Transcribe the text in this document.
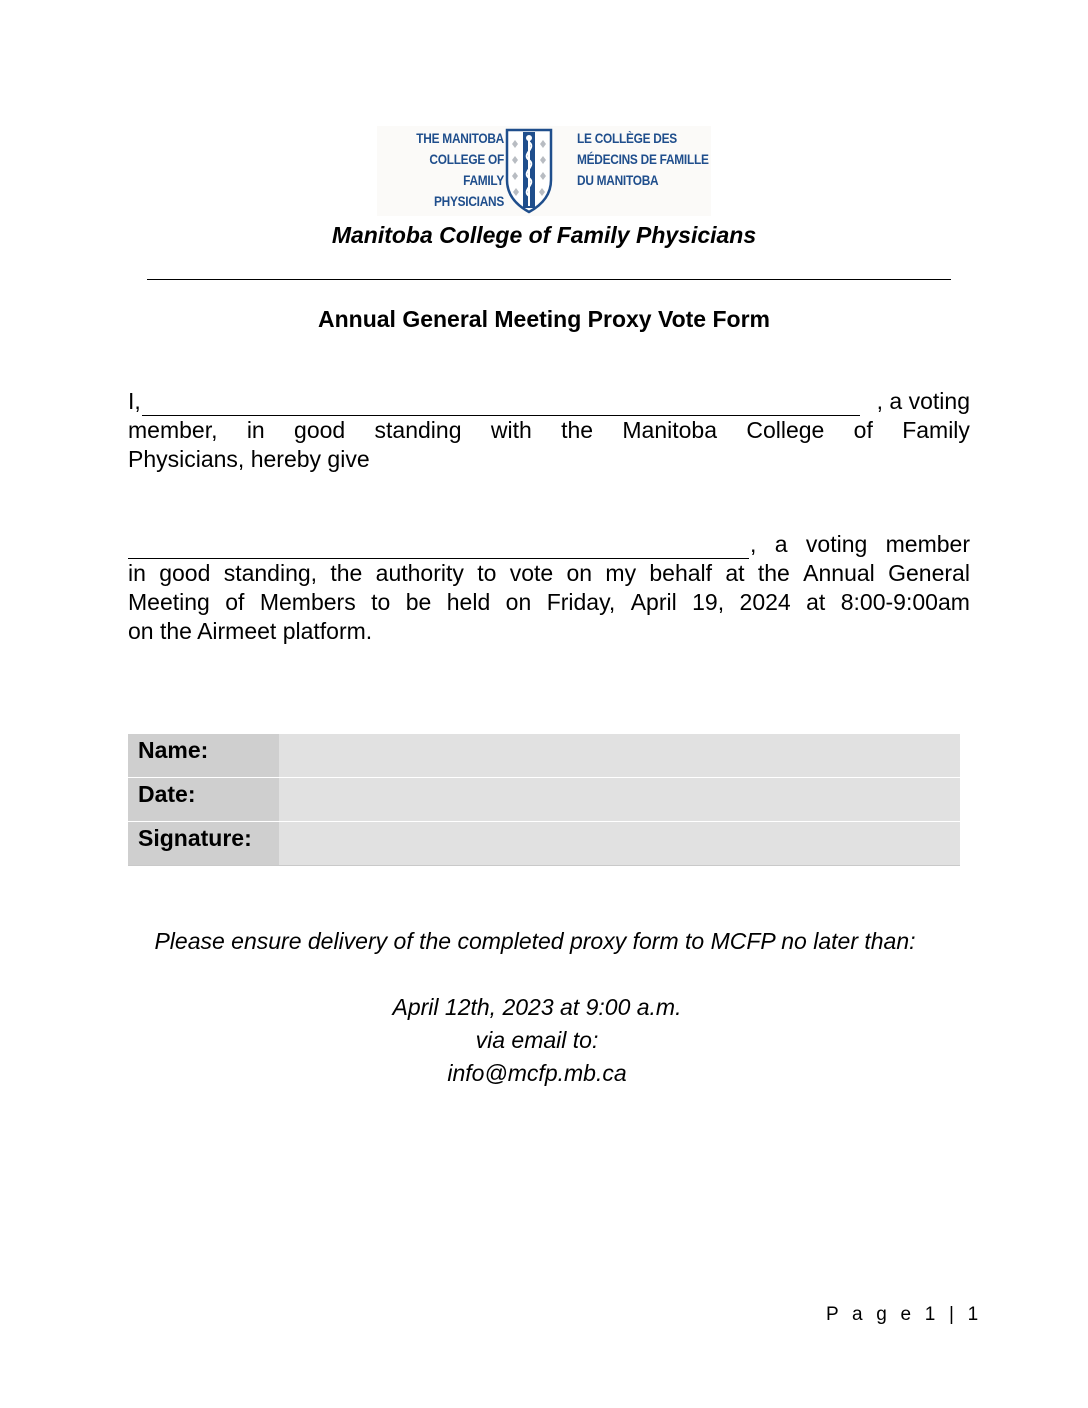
THE MANITOBA
COLLEGE OF
FAMILY PHYSICIANS
LE COLLÈGE DES
MÉDECINS DE FAMILLE
DU MANITOBA
Manitoba College of Family Physicians
Annual General Meeting Proxy Vote Form
I,	, a voting
member, in good standing with the Manitoba College of Family
Physicians, hereby give
, a voting member
in good standing, the authority to vote on my behalf at the Annual General
Meeting of Members to be held on Friday, April 19, 2024 at 8:00-9:00am
on the Airmeet platform.
Name:	
Date:	
Signature:	
Please ensure delivery of the completed proxy form to MCFP no later than:
April 12th, 2023 at 9:00 a.m.
via email to:
info@mcfp.mb.ca
P a g e 1 | 1
